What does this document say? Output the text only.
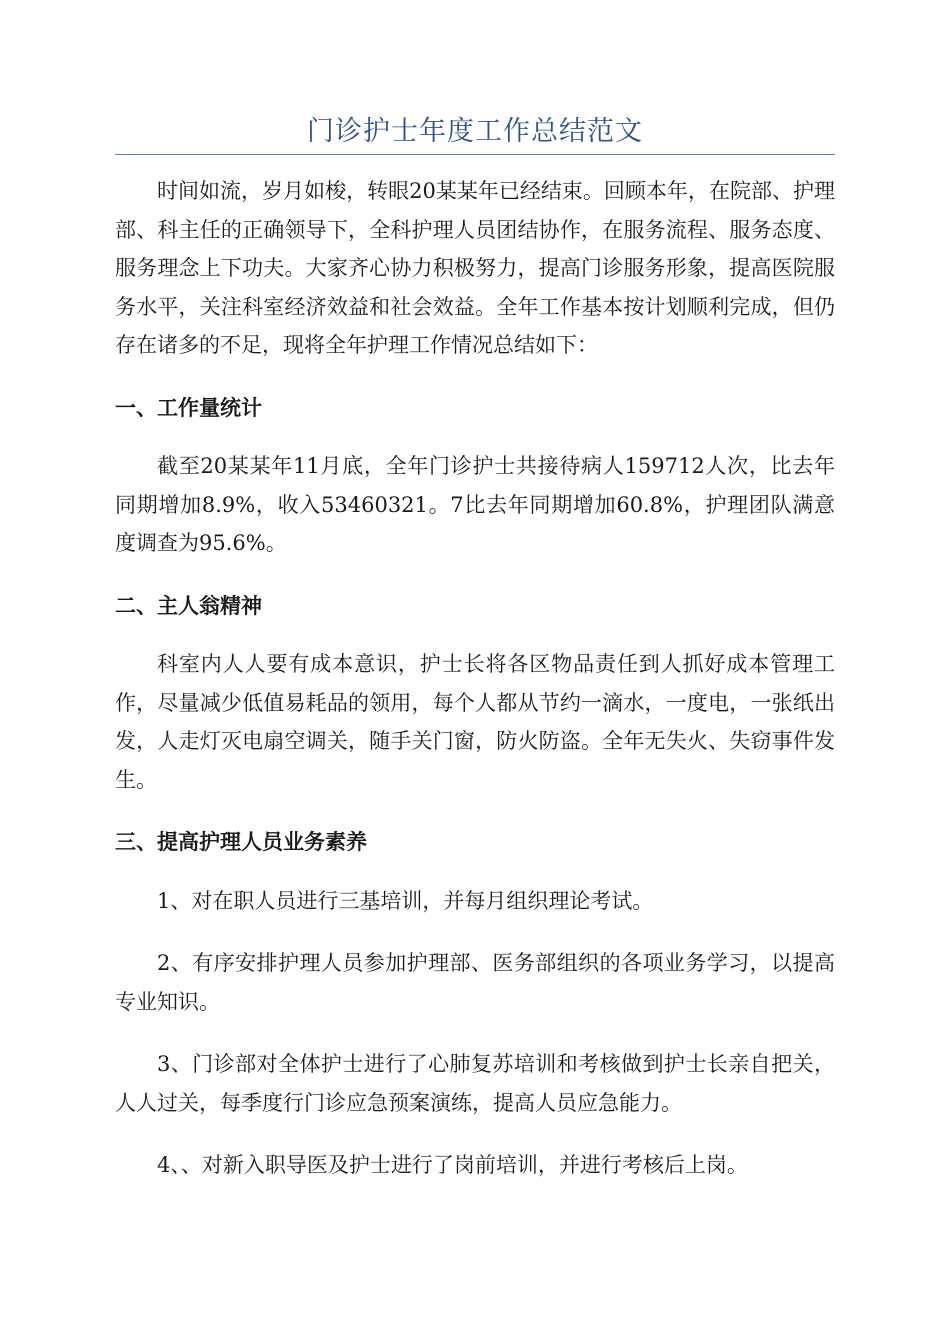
门诊护士年度工作总结范文

时间如流，岁月如梭，转眼20某某年已经结束。回顾本年，在院部、护理部、科主任的正确领导下，全科护理人员团结协作，在服务流程、服务态度、服务理念上下功夫。大家齐心协力积极努力，提高门诊服务形象，提高医院服务水平，关注科室经济效益和社会效益。全年工作基本按计划顺利完成，但仍存在诸多的不足，现将全年护理工作情况总结如下：

一、工作量统计

截至20某某年11月底，全年门诊护士共接待病人159712人次，比去年同期增加8.9%，收入53460321。7比去年同期增加60.8%，护理团队满意度调查为95.6%。

二、主人翁精神

科室内人人要有成本意识，护士长将各区物品责任到人抓好成本管理工作，尽量减少低值易耗品的领用，每个人都从节约一滴水，一度电，一张纸出发，人走灯灭电扇空调关，随手关门窗，防火防盗。全年无失火、失窃事件发生。

三、提高护理人员业务素养

1、对在职人员进行三基培训，并每月组织理论考试。

2、有序安排护理人员参加护理部、医务部组织的各项业务学习，以提高专业知识。

3、门诊部对全体护士进行了心肺复苏培训和考核做到护士长亲自把关，人人过关，每季度行门诊应急预案演练，提高人员应急能力。

4、、对新入职导医及护士进行了岗前培训，并进行考核后上岗。
